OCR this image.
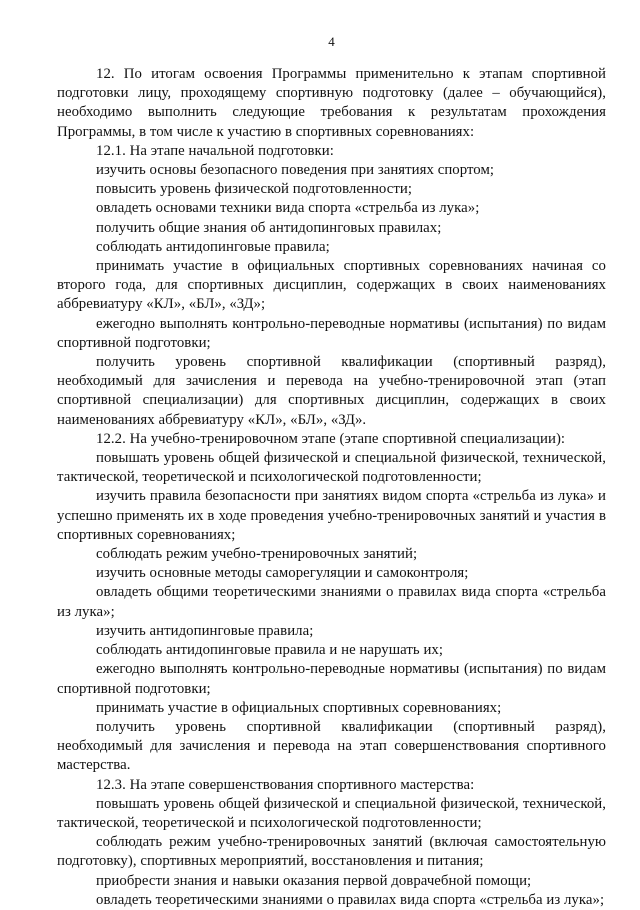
4

12. По итогам освоения Программы применительно к этапам спортивной подготовки лицу, проходящему спортивную подготовку (далее – обучающийся), необходимо выполнить следующие требования к результатам прохождения Программы, в том числе к участию в спортивных соревнованиях:

12.1. На этапе начальной подготовки:

изучить основы безопасного поведения при занятиях спортом;

повысить уровень физической подготовленности;

овладеть основами техники вида спорта «стрельба из лука»;

получить общие знания об антидопинговых правилах;

соблюдать антидопинговые правила;

принимать участие в официальных спортивных соревнованиях начиная со второго года, для спортивных дисциплин, содержащих в своих наименованиях аббревиатуру «КЛ», «БЛ», «ЗД»;

ежегодно выполнять контрольно-переводные нормативы (испытания) по видам спортивной подготовки;

получить уровень спортивной квалификации (спортивный разряд), необходимый для зачисления и перевода на учебно-тренировочной этап (этап спортивной специализации) для спортивных дисциплин, содержащих в своих наименованиях аббревиатуру «КЛ», «БЛ», «ЗД».

12.2. На учебно-тренировочном этапе (этапе спортивной специализации):

повышать уровень общей физической и специальной физической, технической, тактической, теоретической и психологической подготовленности;

изучить правила безопасности при занятиях видом спорта «стрельба из лука» и успешно применять их в ходе проведения учебно-тренировочных занятий и участия в спортивных соревнованиях;

соблюдать режим учебно-тренировочных занятий;

изучить основные методы саморегуляции и самоконтроля;

овладеть общими теоретическими знаниями о правилах вида спорта «стрельба из лука»;

изучить антидопинговые правила;

соблюдать антидопинговые правила и не нарушать их;

ежегодно выполнять контрольно-переводные нормативы (испытания) по видам спортивной подготовки;

принимать участие в официальных спортивных соревнованиях;

получить уровень спортивной квалификации (спортивный разряд), необходимый для зачисления и перевода на этап совершенствования спортивного мастерства.

12.3. На этапе совершенствования спортивного мастерства:

повышать уровень общей физической и специальной физической, технической, тактической, теоретической и психологической подготовленности;

соблюдать режим учебно-тренировочных занятий (включая самостоятельную подготовку), спортивных мероприятий, восстановления и питания;

приобрести знания и навыки оказания первой доврачебной помощи;

овладеть теоретическими знаниями о правилах вида спорта «стрельба из лука»;
